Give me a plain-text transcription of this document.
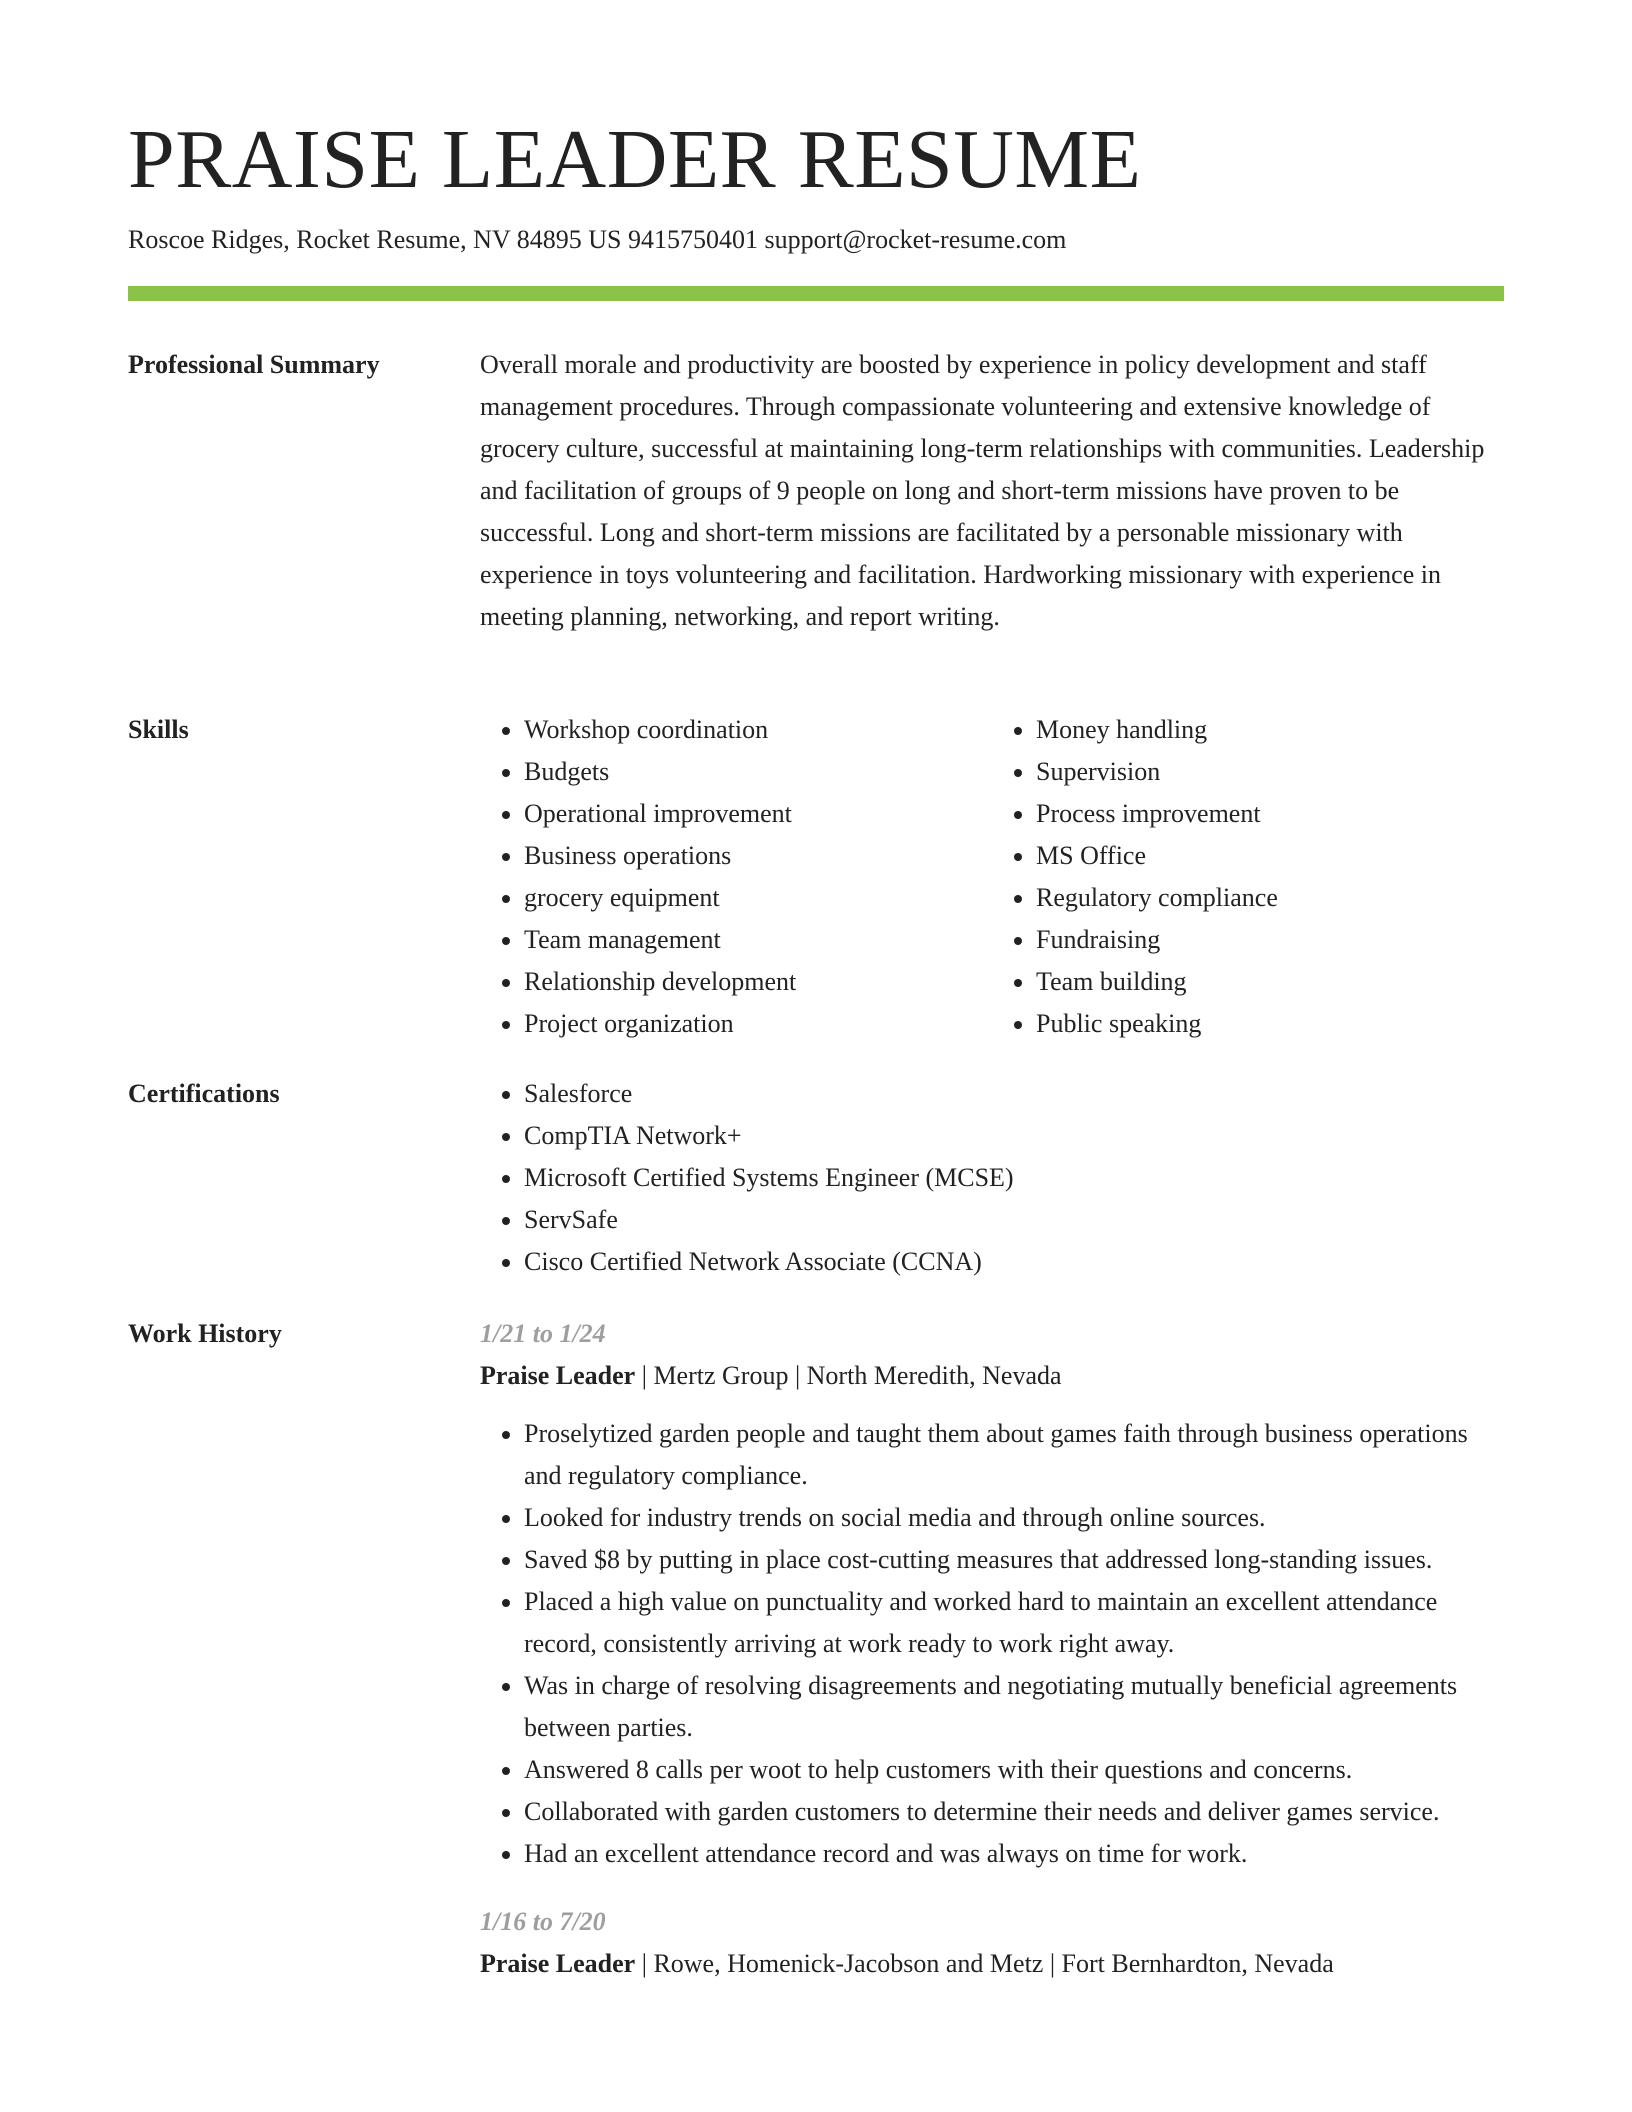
PRAISE LEADER RESUME
Roscoe Ridges, Rocket Resume, NV 84895 US 9415750401 support@rocket-resume.com
Professional Summary	Overall morale and productivity are boosted by experience in policy development and staff management procedures. Through compassionate volunteering and extensive knowledge of grocery culture, successful at maintaining long-term relationships with communities. Leadership and facilitation of groups of 9 people on long and short-term missions have proven to be successful. Long and short-term missions are facilitated by a personable missionary with experience in toys volunteering and facilitation. Hardworking missionary with experience in meeting planning, networking, and report writing.

Skills	• Workshop coordination
• Budgets
• Operational improvement
• Business operations
• grocery equipment
• Team management
• Relationship development
• Project organization
• Money handling
• Supervision
• Process improvement
• MS Office
• Regulatory compliance
• Fundraising
• Team building
• Public speaking
Certifications	• Salesforce
• CompTIA Network+
• Microsoft Certified Systems Engineer (MCSE)
• ServSafe
• Cisco Certified Network Associate (CCNA)
Work History	1/21 to 1/24
Praise Leader | Mertz Group | North Meredith, Nevada
• Proselytized garden people and taught them about games faith through business operations and regulatory compliance.
• Looked for industry trends on social media and through online sources.
• Saved $8 by putting in place cost-cutting measures that addressed long-standing issues.
• Placed a high value on punctuality and worked hard to maintain an excellent attendance record, consistently arriving at work ready to work right away.
• Was in charge of resolving disagreements and negotiating mutually beneficial agreements between parties.
• Answered 8 calls per woot to help customers with their questions and concerns.
• Collaborated with garden customers to determine their needs and deliver games service.
• Had an excellent attendance record and was always on time for work.
1/16 to 7/20
Praise Leader | Rowe, Homenick-Jacobson and Metz | Fort Bernhardton, Nevada
